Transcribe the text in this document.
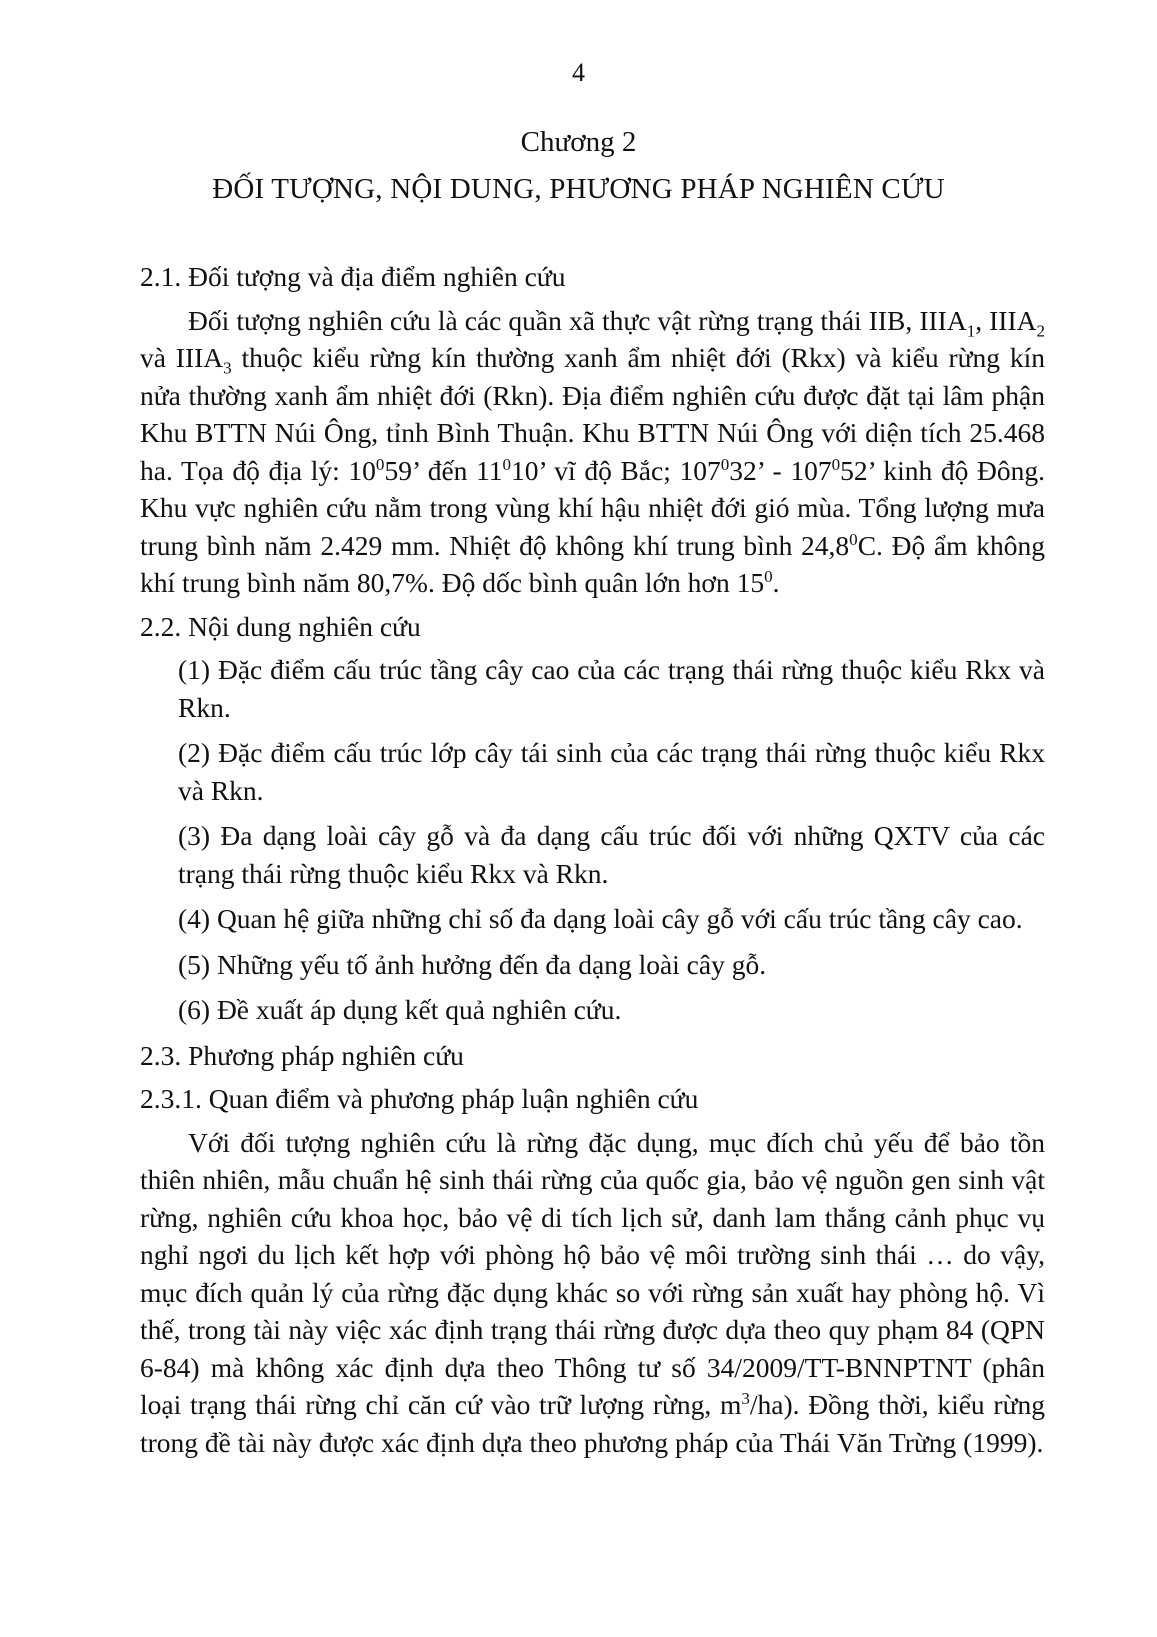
4
Chương 2
ĐỐI TƯỢNG, NỘI DUNG, PHƯƠNG PHÁP NGHIÊN CỨU
2.1. Đối tượng và địa điểm nghiên cứu

Đối tượng nghiên cứu là các quần xã thực vật rừng trạng thái IIB, $IIIA_1$, $IIIA_2$ và $IIIA_3$ thuộc kiểu rừng kín thường xanh ẩm nhiệt đới (Rkx) và kiểu rừng kín nửa thường xanh ẩm nhiệt đới (Rkn). Địa điểm nghiên cứu được đặt tại lâm phận Khu BTTN Núi Ông, tỉnh Bình Thuận. Khu BTTN Núi Ông với diện tích 25.468 ha. Tọa độ địa lý: $10^059$’ đến $11^010$’ vĩ độ Bắc; $107^032$’ - $107^052$’ kinh độ Đông. Khu vực nghiên cứu nằm trong vùng khí hậu nhiệt đới gió mùa. Tổng lượng mưa trung bình năm 2.429 mm. Nhiệt độ không khí trung bình 24,8$^0$C. Độ ẩm không khí trung bình năm 80,7%. Độ dốc bình quân lớn hơn $15^0$.

2.2. Nội dung nghiên cứu

(1) Đặc điểm cấu trúc tầng cây cao của các trạng thái rừng thuộc kiểu Rkx và Rkn.

(2) Đặc điểm cấu trúc lớp cây tái sinh của các trạng thái rừng thuộc kiểu Rkx và Rkn.

(3) Đa dạng loài cây gỗ và đa dạng cấu trúc đối với những QXTV của các trạng thái rừng thuộc kiểu Rkx và Rkn.

(4) Quan hệ giữa những chỉ số đa dạng loài cây gỗ với cấu trúc tầng cây cao.

(5) Những yếu tố ảnh hưởng đến đa dạng loài cây gỗ.

(6) Đề xuất áp dụng kết quả nghiên cứu.

2.3. Phương pháp nghiên cứu
2.3.1. Quan điểm và phương pháp luận nghiên cứu

Với đối tượng nghiên cứu là rừng đặc dụng, mục đích chủ yếu để bảo tồn thiên nhiên, mẫu chuẩn hệ sinh thái rừng của quốc gia, bảo vệ nguồn gen sinh vật rừng, nghiên cứu khoa học, bảo vệ di tích lịch sử, danh lam thắng cảnh phục vụ nghỉ ngơi du lịch kết hợp với phòng hộ bảo vệ môi trường sinh thái … do vậy, mục đích quản lý của rừng đặc dụng khác so với rừng sản xuất hay phòng hộ. Vì thế, trong tài này việc xác định trạng thái rừng được dựa theo quy phạm 84 (QPN 6-84) mà không xác định dựa theo Thông tư số 34/2009/TT-BNNPTNT (phân loại trạng thái rừng chỉ căn cứ vào trữ lượng rừng, $m^3/ha$). Đồng thời, kiểu rừng trong đề tài này được xác định dựa theo phương pháp của Thái Văn Trừng (1999).
